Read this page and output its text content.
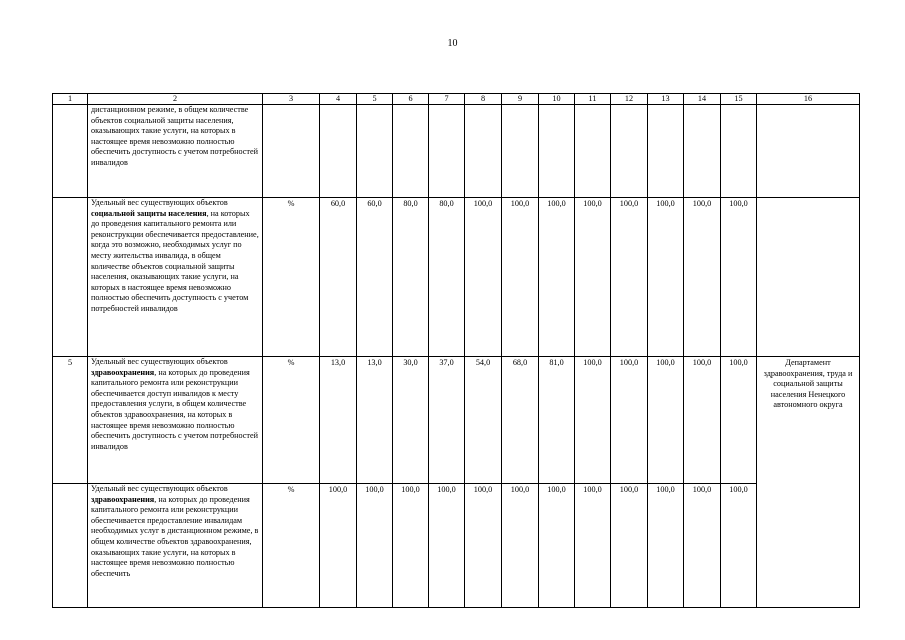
10
1	2	3	4	5	6	7	8	9	10	11	12	13	14	15	16
	дистанционном режиме, в общем количестве объектов социальной защиты населения, оказывающих такие услуги, на которых в настоящее время невозможно полностью обеспечить доступность с учетом потребностей инвалидов														
	Удельный вес существующих объектов социальной защиты населения, на которых до проведения капитального ремонта или реконструкции обеспечивается предоставление, когда это возможно, необходимых услуг по месту жительства инвалида, в общем количестве объектов социальной защиты населения, оказывающих такие услуги, на которых в настоящее время невозможно полностью обеспечить доступность с учетом потребностей инвалидов	%	60,0	60,0	80,0	80,0	100,0	100,0	100,0	100,0	100,0	100,0	100,0	100,0	
5	Удельный вес существующих объектов здравоохранения, на которых до проведения капитального ремонта или реконструкции обеспечивается доступ инвалидов к месту предоставления услуги, в общем количестве объектов здравоохранения, на которых в настоящее время невозможно полностью обеспечить доступность с учетом потребностей инвалидов	%	13,0	13,0	30,0	37,0	54,0	68,0	81,0	100,0	100,0	100,0	100,0	100,0	Департамент здравоохранения, труда и социальной защиты населения Ненецкого автономного округа
	Удельный вес существующих объектов здравоохранения, на которых до проведения капитального ремонта или реконструкции обеспечивается предоставление инвалидам необходимых услуг в дистанционном режиме, в общем количестве объектов здравоохранения, оказывающих такие услуги, на которых в настоящее время невозможно полностью обеспечить	%	100,0	100,0	100,0	100,0	100,0	100,0	100,0	100,0	100,0	100,0	100,0	100,0	
